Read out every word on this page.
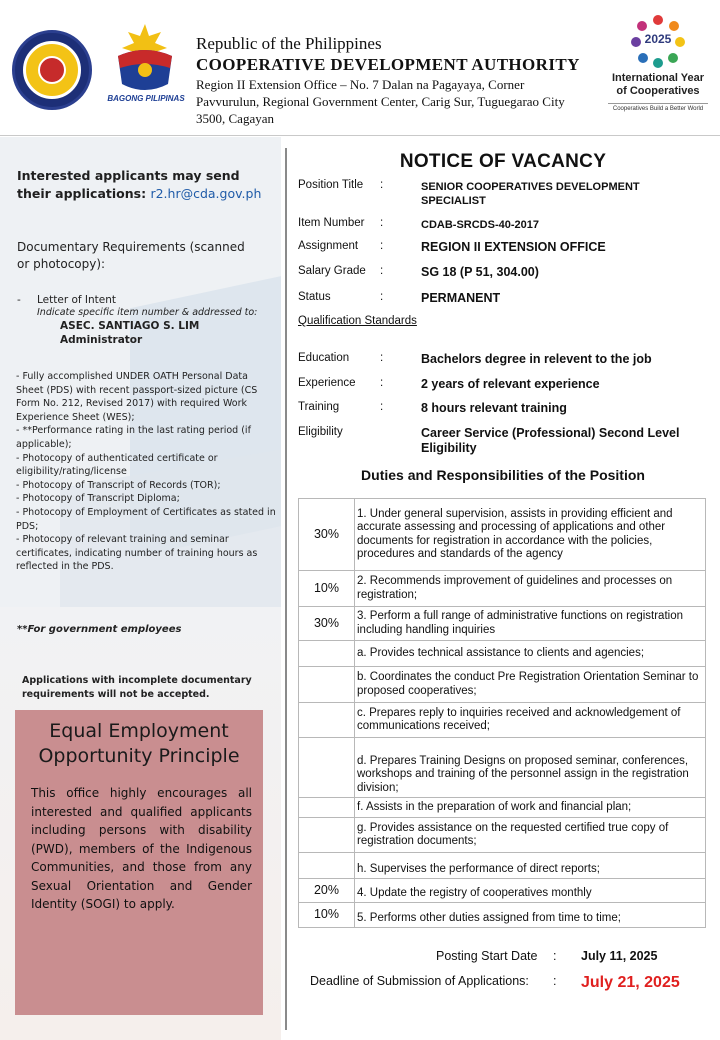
BAGONG PILIPINAS
Republic of the Philippines
COOPERATIVE DEVELOPMENT AUTHORITY
Region II Extension Office – No. 7 Dalan na Pagayaya, Corner Pavvurulun, Regional Government Center, Carig Sur, Tuguegarao City 3500, Cagayan
2025
International Year of Cooperatives
Cooperatives Build a Better World
Interested applicants may send their applications: r2.hr@cda.gov.ph
Documentary Requirements (scanned or photocopy):
- Letter of Intent
Indicate specific item number & addressed to:
ASEC. SANTIAGO S. LIM
Administrator
- Fully accomplished UNDER OATH Personal Data Sheet (PDS) with recent passport-sized picture (CS Form No. 212, Revised 2017) with required Work Experience Sheet (WES);
- **Performance rating in the last rating period (if applicable);
- Photocopy of authenticated certificate or eligibility/rating/license
- Photocopy of Transcript of Records (TOR);
- Photocopy of Transcript Diploma;
- Photocopy of Employment of Certificates as stated in PDS;
- Photocopy of relevant training and seminar certificates, indicating number of training hours as reflected in the PDS.
**For government employees
Applications with incomplete documentary requirements will not be accepted.
Equal Employment Opportunity Principle
This office highly encourages all interested and qualified applicants including persons with disability (PWD), members of the Indigenous Communities, and those from any Sexual Orientation and Gender Identity (SOGI) to apply.
NOTICE OF VACANCY
Position Title :	SENIOR COOPERATIVES DEVELOPMENT SPECIALIST
Item Number :	CDAB-SRCDS-40-2017
Assignment :	REGION II EXTENSION OFFICE
Salary Grade :	SG 18 (P 51, 304.00)
Status	:	PERMANENT
Qualification Standards
Education	:	Bachelors degree in relevent to the job
Experience :	2 years of relevant experience
Training	:	8 hours relevant training
Eligibility	Career Service (Professional) Second Level Eligibility
Duties and Responsibilities of the Position
30%	1. Under general supervision, assists in providing efficient and accurate assessing and processing of applications and other documents for registration in accordance with the policies, procedures and standards of the agency
10%	2. Recommends improvement of guidelines and processes on registration;
30%	3. Perform a full range of administrative functions on registration including handling inquiries
	a. Provides technical assistance to clients and agencies;
	b. Coordinates the conduct Pre Registration Orientation Seminar to proposed cooperatives;
	c. Prepares reply to inquiries received and acknowledgement of communications received;
	d. Prepares Training Designs on proposed seminar, conferences, workshops and training of the personnel assign in the registration division;
	f. Assists in the preparation of work and financial plan;
	g. Provides assistance on the requested certified true copy of registration documents;
	h. Supervises the performance of direct reports;
20%	4. Update the registry of cooperatives monthly
10%	5. Performs other duties assigned from time to time;
Posting Start Date : July 11, 2025
Deadline of Submission of Applications: : July 21, 2025
